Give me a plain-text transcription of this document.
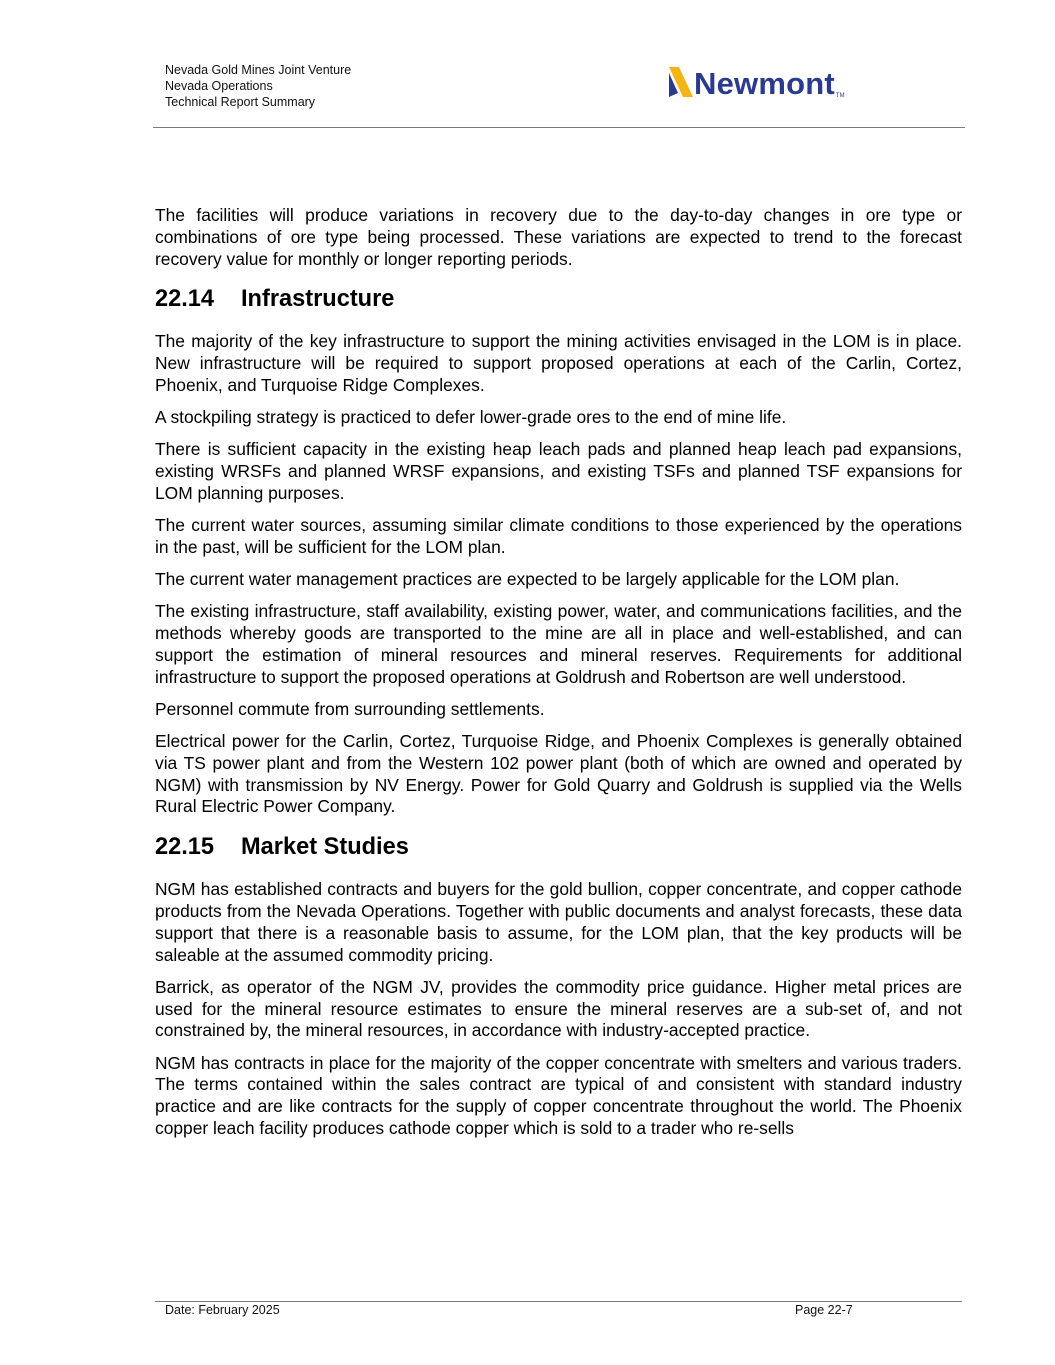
Nevada Gold Mines Joint Venture
Nevada Operations
Technical Report Summary
Newmont TM

The facilities will produce variations in recovery due to the day-to-day changes in ore type or combinations of ore type being processed. These variations are expected to trend to the forecast recovery value for monthly or longer reporting periods.

22.14	Infrastructure

The majority of the key infrastructure to support the mining activities envisaged in the LOM is in place. New infrastructure will be required to support proposed operations at each of the Carlin, Cortez, Phoenix, and Turquoise Ridge Complexes.

A stockpiling strategy is practiced to defer lower-grade ores to the end of mine life.

There is sufficient capacity in the existing heap leach pads and planned heap leach pad expansions, existing WRSFs and planned WRSF expansions, and existing TSFs and planned TSF expansions for LOM planning purposes.

The current water sources, assuming similar climate conditions to those experienced by the operations in the past, will be sufficient for the LOM plan.

The current water management practices are expected to be largely applicable for the LOM plan.

The existing infrastructure, staff availability, existing power, water, and communications facilities, and the methods whereby goods are transported to the mine are all in place and well-established, and can support the estimation of mineral resources and mineral reserves. Requirements for additional infrastructure to support the proposed operations at Goldrush and Robertson are well understood.

Personnel commute from surrounding settlements.

Electrical power for the Carlin, Cortez, Turquoise Ridge, and Phoenix Complexes is generally obtained via TS power plant and from the Western 102 power plant (both of which are owned and operated by NGM) with transmission by NV Energy. Power for Gold Quarry and Goldrush is supplied via the Wells Rural Electric Power Company.

22.15	Market Studies

NGM has established contracts and buyers for the gold bullion, copper concentrate, and copper cathode products from the Nevada Operations. Together with public documents and analyst forecasts, these data support that there is a reasonable basis to assume, for the LOM plan, that the key products will be saleable at the assumed commodity pricing.

Barrick, as operator of the NGM JV, provides the commodity price guidance. Higher metal prices are used for the mineral resource estimates to ensure the mineral reserves are a sub-set of, and not constrained by, the mineral resources, in accordance with industry-accepted practice.

NGM has contracts in place for the majority of the copper concentrate with smelters and various traders. The terms contained within the sales contract are typical of and consistent with standard industry practice and are like contracts for the supply of copper concentrate throughout the world. The Phoenix copper leach facility produces cathode copper which is sold to a trader who re-sells

Date: February 2025	Page 22-7
